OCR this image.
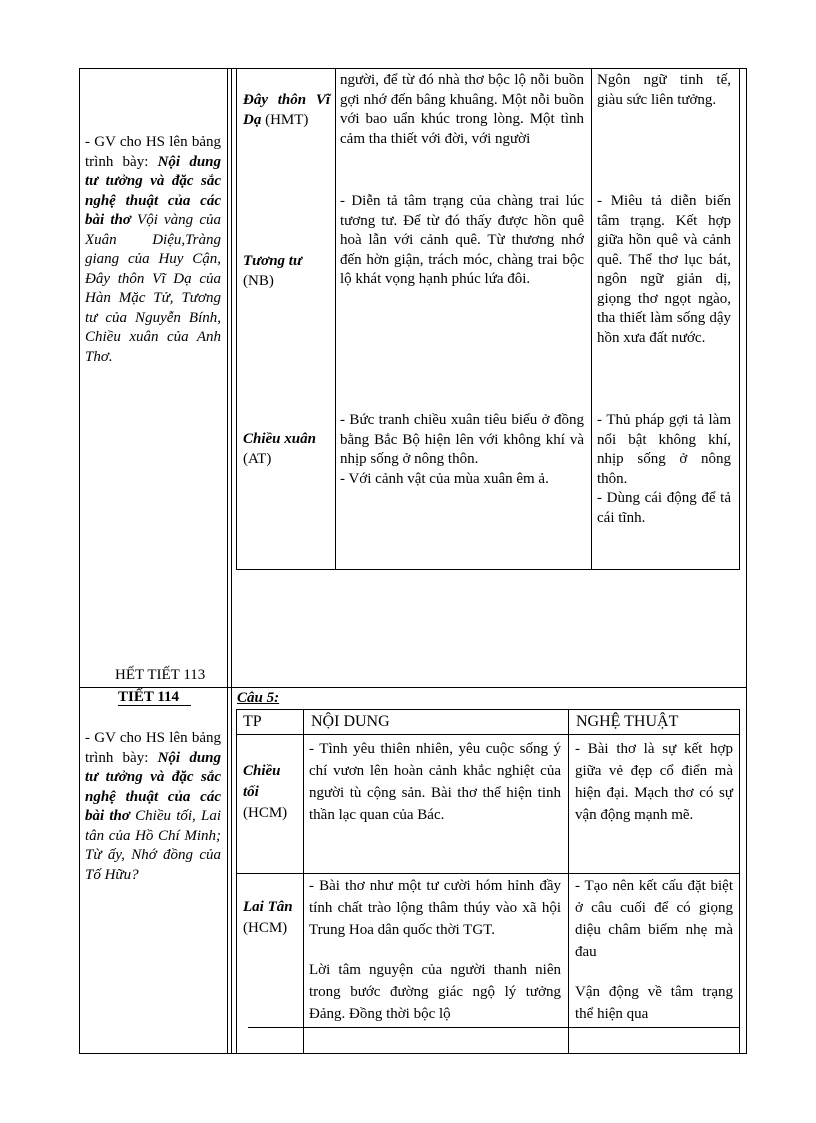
- GV cho HS lên bảng trình bày: Nội dung tư tưởng và đặc sắc nghệ thuật của các bài thơ Vội vàng của Xuân Diệu,Tràng giang của Huy Cận, Đây thôn Vĩ Dạ của Hàn Mặc Tử, Tương tư của Nguyễn Bính, Chiều xuân của Anh Thơ.
HẾT TIẾT 113
Đây thôn Vĩ Dạ (HMT)
người, để từ đó nhà thơ bộc lộ nỗi buồn gợi nhớ đến bâng khuâng. Một nỗi buồn với bao uẩn khúc trong lòng. Một tình cảm tha thiết với đời, với người
Ngôn ngữ tinh tế, giàu sức liên tưởng.
Tương tư
(NB)
- Diễn tả tâm trạng của chàng trai lúc tương tư. Để từ đó thấy được hồn quê hoà lẫn với cảnh quê. Từ thương nhớ đến hờn giận, trách móc, chàng trai bộc lộ khát vọng hạnh phúc lứa đôi.
- Miêu tả diễn biến tâm trạng. Kết hợp giữa hồn quê và cảnh quê. Thể thơ lục bát, ngôn ngữ giản dị, giọng thơ ngọt ngào, tha thiết làm sống dậy hồn xưa đất nước.
Chiều xuân (AT)
- Bức tranh chiều xuân tiêu biểu ở đồng bằng Bắc Bộ hiện lên với không khí và nhịp sống ở nông thôn.
- Với cảnh vật của mùa xuân êm ả.
- Thủ pháp gợi tả làm nổi bật không khí, nhịp sống ở nông thôn.
- Dùng cái động để tả cái tĩnh.
TIẾT 114
- GV cho HS lên bảng trình bày: Nội dung tư tưởng và đặc sắc nghệ thuật của các bài thơ Chiều tối, Lai tân của Hồ Chí Minh; Từ ấy, Nhớ đồng của Tố Hữu?
Câu 5:
TP	NỘI DUNG	NGHỆ THUẬT
Chiều tối
(HCM)
- Tình yêu thiên nhiên, yêu cuộc sống ý chí vươn lên hoàn cảnh khắc nghiệt của người tù cộng sản. Bài thơ thể hiện tinh thần lạc quan của Bác.
- Bài thơ là sự kết hợp giữa vẻ đẹp cổ điển mà hiện đại. Mạch thơ có sự vận động mạnh mẽ.
Lai Tân
(HCM)
- Bài thơ như một tư cười hóm hỉnh đầy tính chất trào lộng thâm thúy vào xã hội Trung Hoa dân quốc thời TGT.
Lời tâm nguyện của người thanh niên trong bước đường giác ngộ lý tưởng Đảng. Đồng thời bộc lộ
- Tạo nên kết cấu đặt biệt ở câu cuối để có giọng diệu châm biếm nhẹ mà đau
Vận động về tâm trạng thể hiện qua
